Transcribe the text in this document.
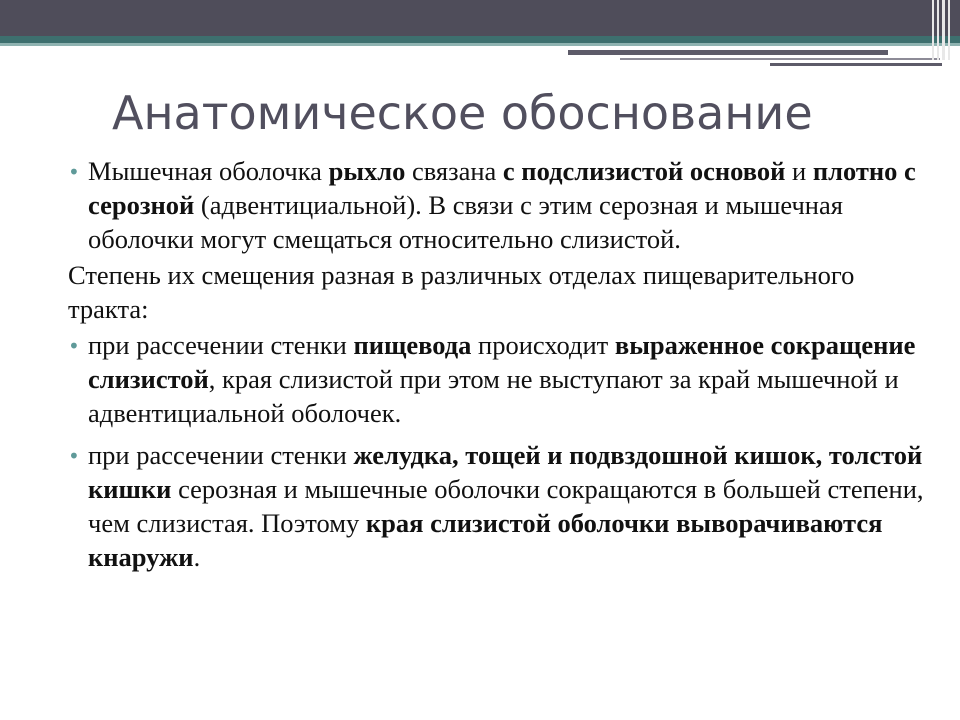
Анатомическое обоснование

• Мышечная оболочка рыхло связана с подслизистой основой и плотно с серозной (адвентициальной). В связи с этим серозная и мышечная оболочки могут смещаться относительно слизистой.

Степень их смещения разная в различных отделах пищеварительного тракта:

• при рассечении стенки пищевода происходит выраженное сокращение слизистой, края слизистой при этом не выступают за край мышечной и адвентициальной оболочек.

• при рассечении стенки желудка, тощей и подвздошной кишок, толстой кишки серозная и мышечные оболочки сокращаются в большей степени, чем слизистая. Поэтому края слизистой оболочки выворачиваются кнаружи.
